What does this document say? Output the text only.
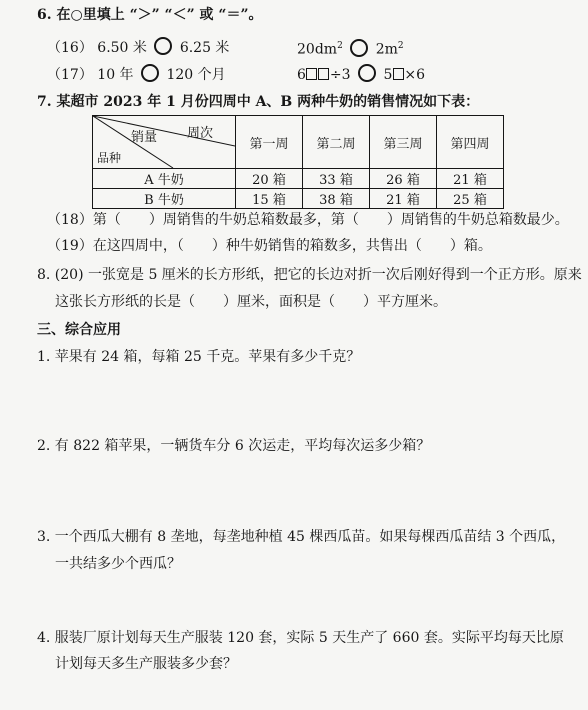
6. 在○里填上 “＞” “＜” 或 “＝”。
（16） 6.50 米 6.25 米	$20dm^2$ $2m^2$
（17） 10 年 120 个月	6 ÷3 5 ×6
7. 某超市 2023 年 1 月份四周中 A、B 两种牛奶的销售情况如下表：
销量 周次
品种	第一周	第二周	第三周	第四周
A 牛奶	20 箱	33 箱	26 箱	21 箱
B 牛奶	15 箱	38 箱	21 箱	25 箱
（18）第（　　）周销售的牛奶总箱数最多，第（　　）周销售的牛奶总箱数最少。
（19）在这四周中，（　　）种牛奶销售的箱数多，共售出（　　）箱。
8. (20) 一张宽是 5 厘米的长方形纸，把它的长边对折一次后刚好得到一个正方形。原来
这张长方形纸的长是（　　）厘米，面积是（　　）平方厘米。
三、综合应用
1. 苹果有 24 箱，每箱 25 千克。苹果有多少千克？
2. 有 822 箱苹果，一辆货车分 6 次运走，平均每次运多少箱？
3. 一个西瓜大棚有 8 垄地，每垄地种植 45 棵西瓜苗。如果每棵西瓜苗结 3 个西瓜，
一共结多少个西瓜？
4. 服装厂原计划每天生产服装 120 套，实际 5 天生产了 660 套。实际平均每天比原
计划每天多生产服装多少套？
